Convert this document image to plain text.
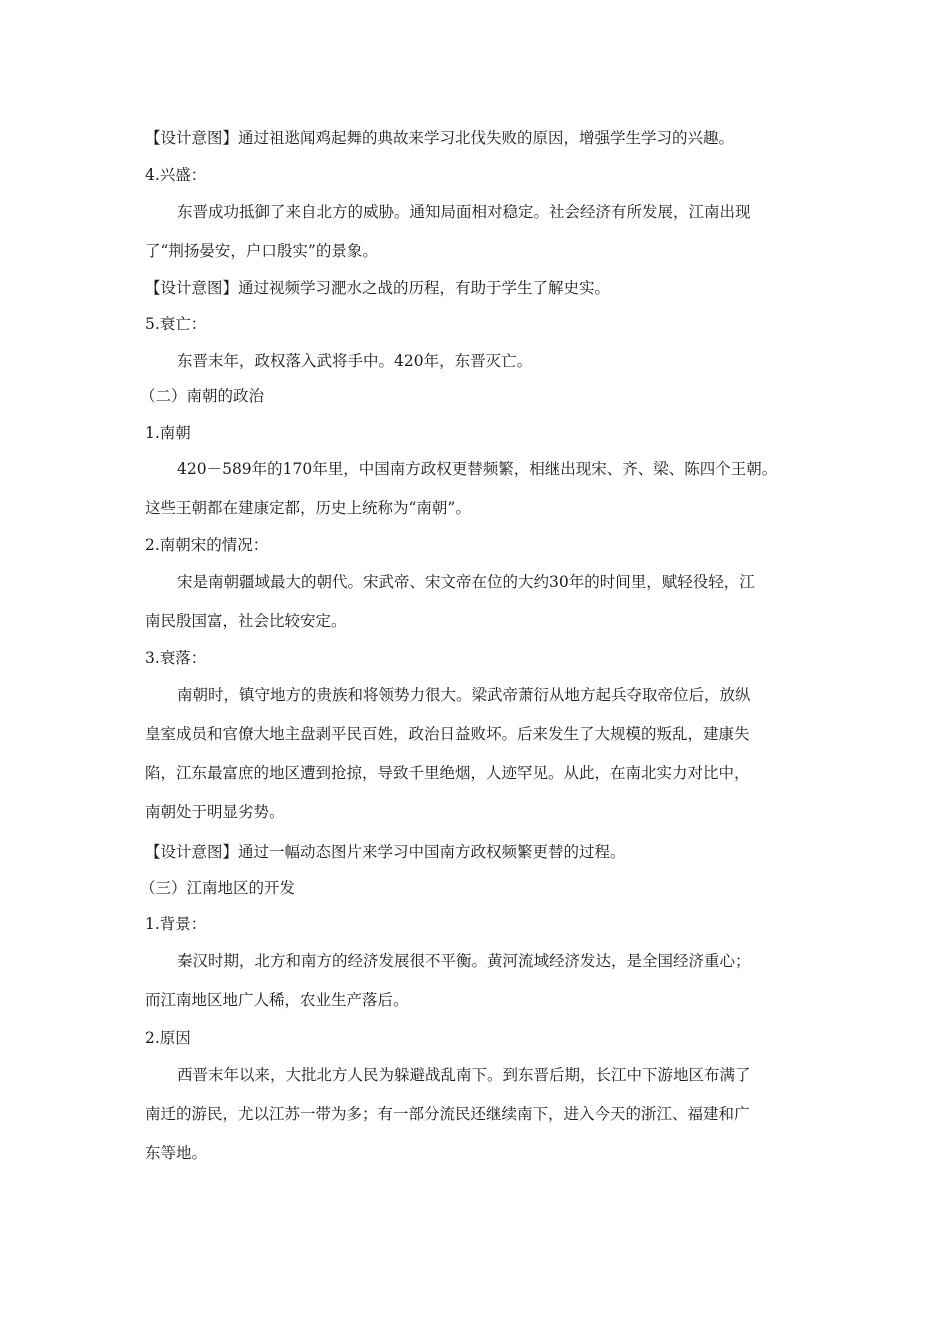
【设计意图】通过祖逖闻鸡起舞的典故来学习北伐失败的原因，增强学生学习的兴趣。
4.兴盛：
东晋成功抵御了来自北方的威胁。通知局面相对稳定。社会经济有所发展，江南出现
了“荆扬晏安，户口殷实”的景象。
【设计意图】通过视频学习淝水之战的历程，有助于学生了解史实。
5.衰亡：
东晋末年，政权落入武将手中。420年，东晋灭亡。
（二）南朝的政治
1.南朝
420－589年的170年里，中国南方政权更替频繁，相继出现宋、齐、梁、陈四个王朝。
这些王朝都在建康定都，历史上统称为“南朝”。
2.南朝宋的情况：
宋是南朝疆域最大的朝代。宋武帝、宋文帝在位的大约30年的时间里，赋轻役轻，江
南民殷国富，社会比较安定。
3.衰落：
南朝时，镇守地方的贵族和将领势力很大。梁武帝萧衍从地方起兵夺取帝位后，放纵
皇室成员和官僚大地主盘剥平民百姓，政治日益败坏。后来发生了大规模的叛乱，建康失
陷，江东最富庶的地区遭到抢掠，导致千里绝烟，人迹罕见。从此，在南北实力对比中，
南朝处于明显劣势。
【设计意图】通过一幅动态图片来学习中国南方政权频繁更替的过程。
（三）江南地区的开发
1.背景：
秦汉时期，北方和南方的经济发展很不平衡。黄河流域经济发达，是全国经济重心；
而江南地区地广人稀，农业生产落后。
2.原因
西晋末年以来，大批北方人民为躲避战乱南下。到东晋后期，长江中下游地区布满了
南迁的游民，尤以江苏一带为多；有一部分流民还继续南下，进入今天的浙江、福建和广
东等地。
